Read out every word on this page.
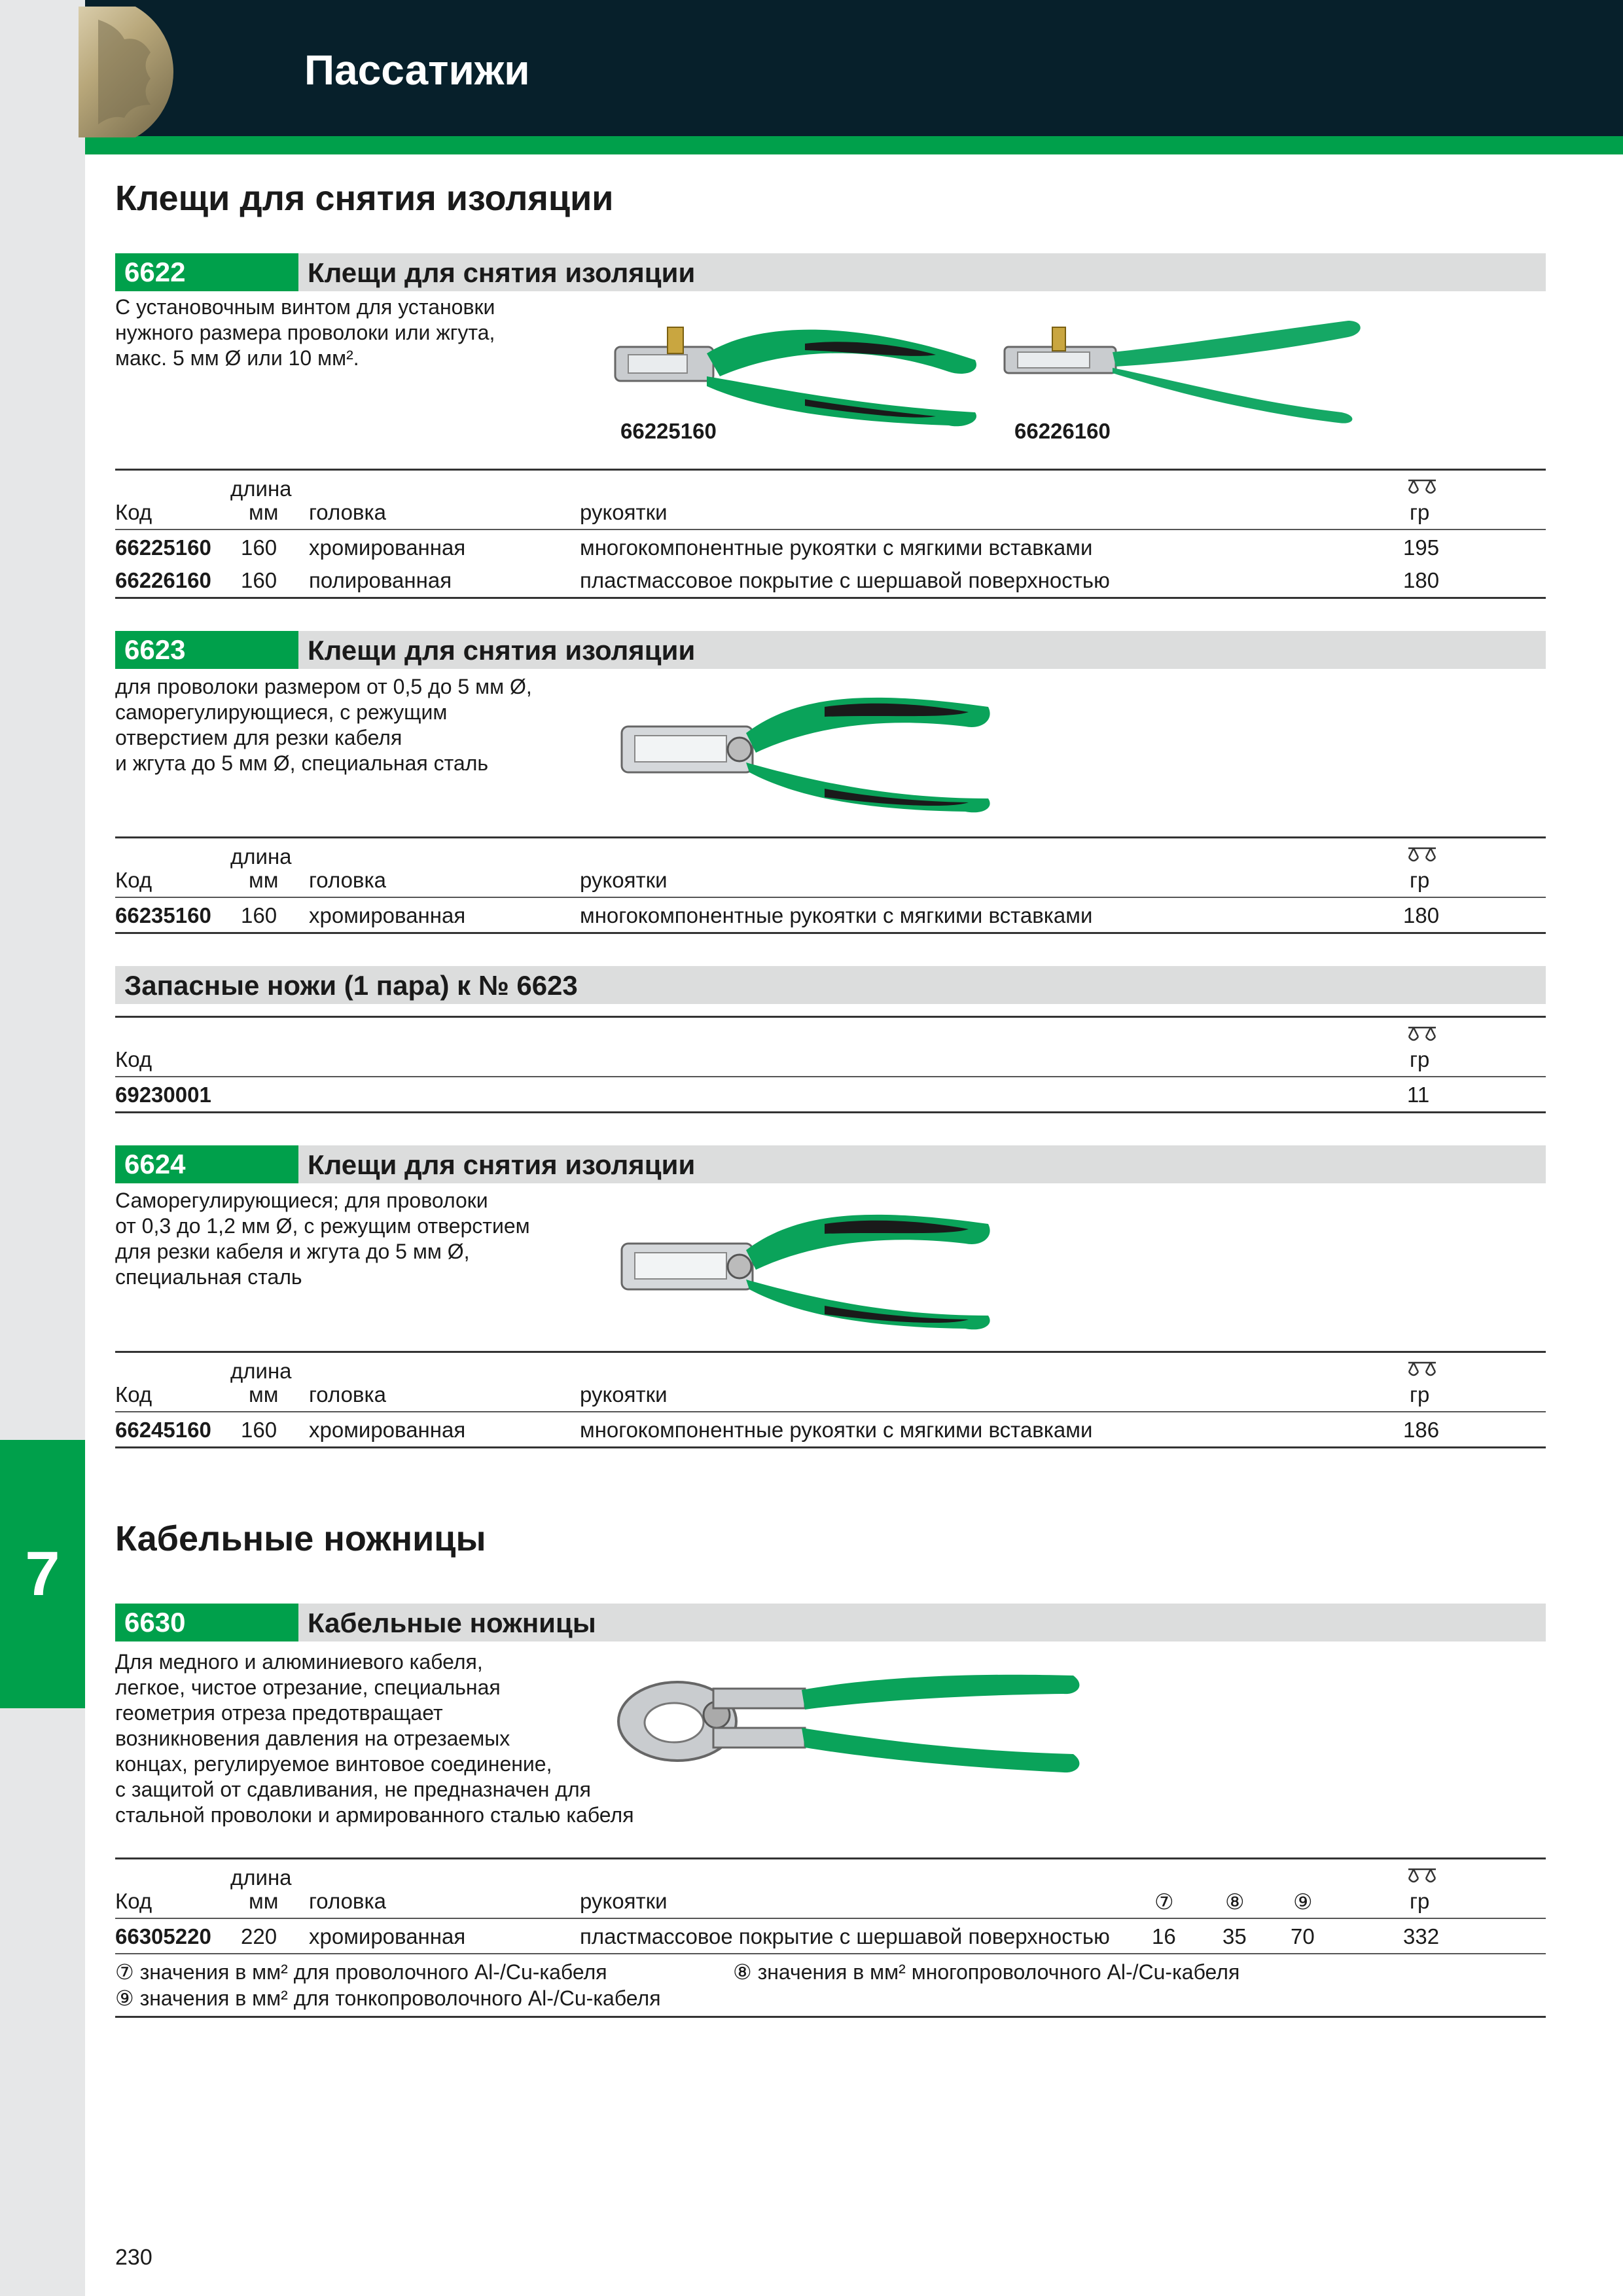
Пассатижи
7
Клещи для снятия изоляции
6622	Клещи для снятия изоляции
С установочным винтом для установки
нужного размера проволоки или жгута,
макс. 5 мм Ø или 10 мм².
66225160	66226160
длина
Код	мм головка	рукоятки	гр
66225160 160 хромированная	многокомпонентные рукоятки с мягкими вставками	195
66226160 160 полированная	пластмассовое покрытие с шершавой поверхностью	180
6623	Клещи для снятия изоляции
для проволоки размером от 0,5 до 5 мм Ø,
саморегулирующиеся, с режущим
отверстием для резки кабеля
и жгута до 5 мм Ø, специальная сталь
длина
Код	мм головка	рукоятки	гр
66235160 160 хромированная	многокомпонентные рукоятки с мягкими вставками	180
Запасные ножи (1 пара) к № 6623
Код	гр
69230001	11
6624	Клещи для снятия изоляции
Саморегулирующиеся; для проволоки
от 0,3 до 1,2 мм Ø, с режущим отверстием
для резки кабеля и жгута до 5 мм Ø,
специальная сталь
длина
Код	мм головка	рукоятки	гр
66245160 160 хромированная	многокомпонентные рукоятки с мягкими вставками	186
Кабельные ножницы
6630	Кабельные ножницы
Для медного и алюминиевого кабеля,
легкое, чистое отрезание, специальная
геометрия отреза предотвращает
возникновения давления на отрезаемых
концах, регулируемое винтовое соединение,
с защитой от сдавливания, не предназначен для
стальной проволоки и армированного сталью кабеля
длина
Код	мм головка	рукоятки	⑦ ⑧ ⑨	гр
66305220 220 хромированная	пластмассовое покрытие с шершавой поверхностью 16 35 70	332
⑦ значения в мм² для проволочного Al-/Cu-кабеля	⑧ значения в мм² многопроволочного Al-/Cu-кабеля
⑨ значения в мм² для тонкопроволочного Al-/Cu-кабеля
230
